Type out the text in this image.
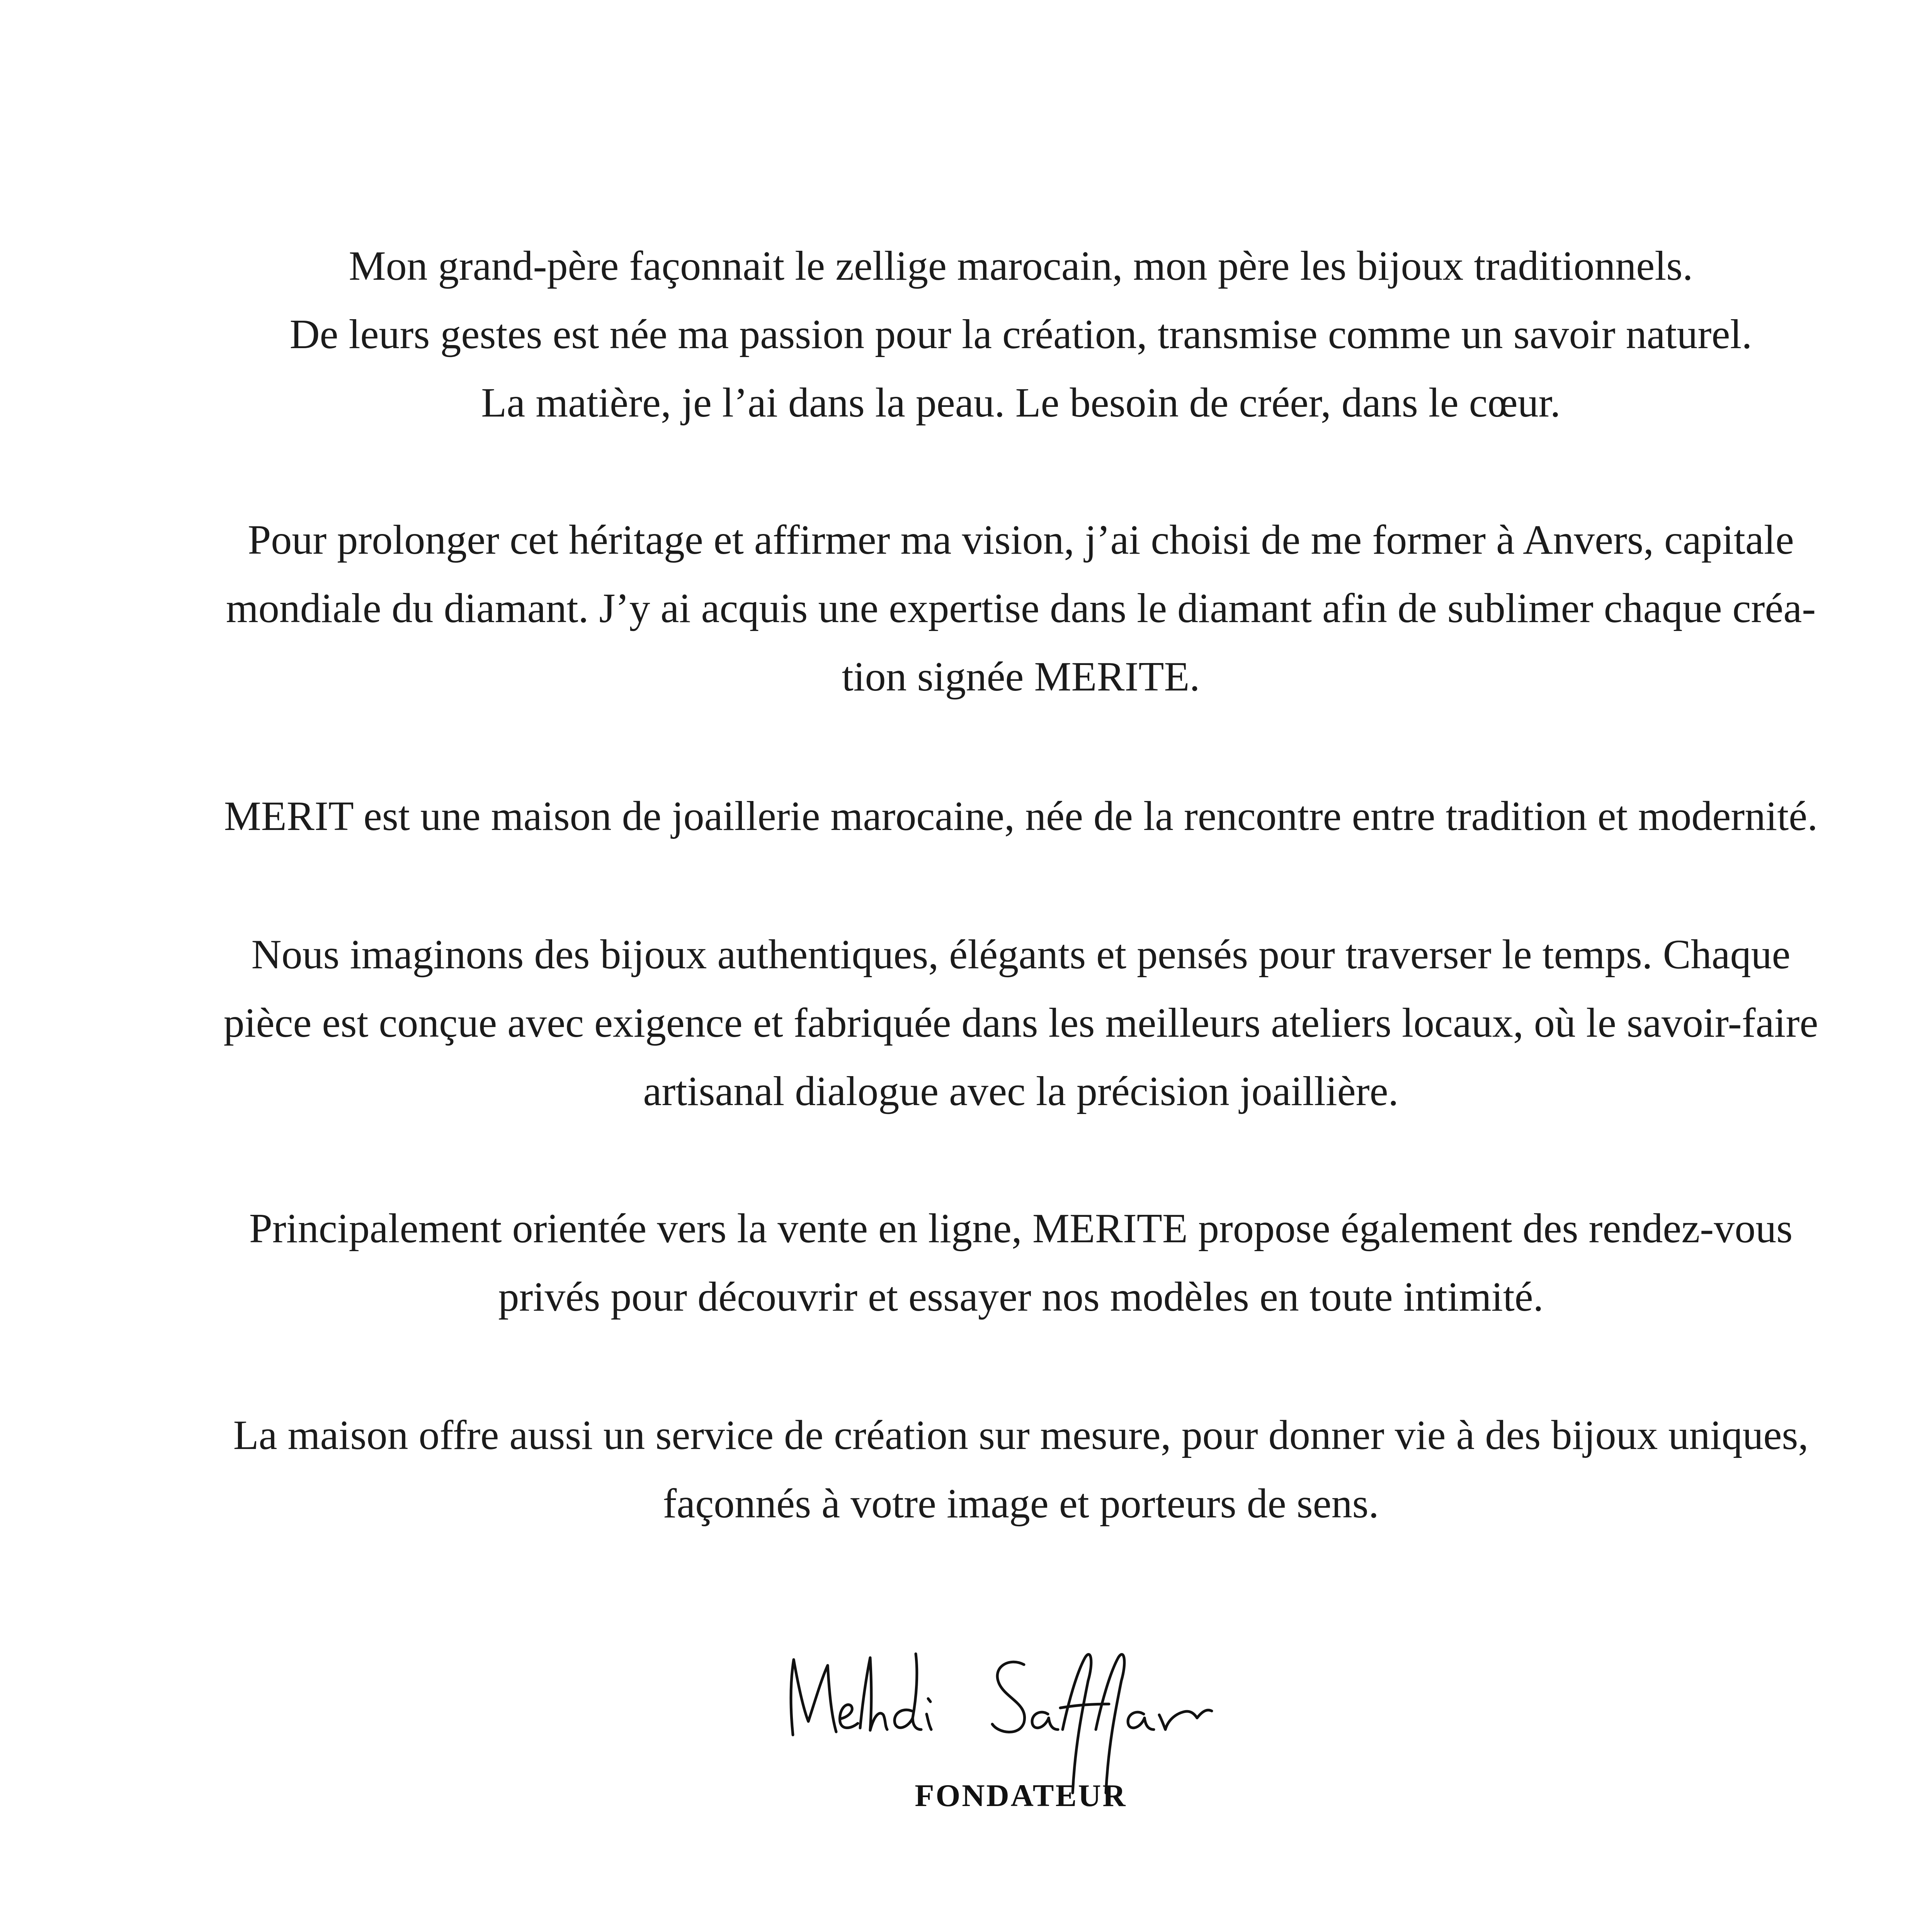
Mon grand-père façonnait le zellige marocain, mon père les bijoux traditionnels.
De leurs gestes est née ma passion pour la création, transmise comme un savoir naturel.
La matière, je l’ai dans la peau. Le besoin de créer, dans le cœur.

Pour prolonger cet héritage et affirmer ma vision, j’ai choisi de me former à Anvers, capitale
mondiale du diamant. J’y ai acquis une expertise dans le diamant afin de sublimer chaque créa-
tion signée MERITE.

MERIT est une maison de joaillerie marocaine, née de la rencontre entre tradition et modernité.

Nous imaginons des bijoux authentiques, élégants et pensés pour traverser le temps. Chaque
pièce est conçue avec exigence et fabriquée dans les meilleurs ateliers locaux, où le savoir-faire
artisanal dialogue avec la précision joaillière.

Principalement orientée vers la vente en ligne, MERITE propose également des rendez-vous
privés pour découvrir et essayer nos modèles en toute intimité.

La maison offre aussi un service de création sur mesure, pour donner vie à des bijoux uniques,
façonnés à votre image et porteurs de sens.

FONDATEUR
